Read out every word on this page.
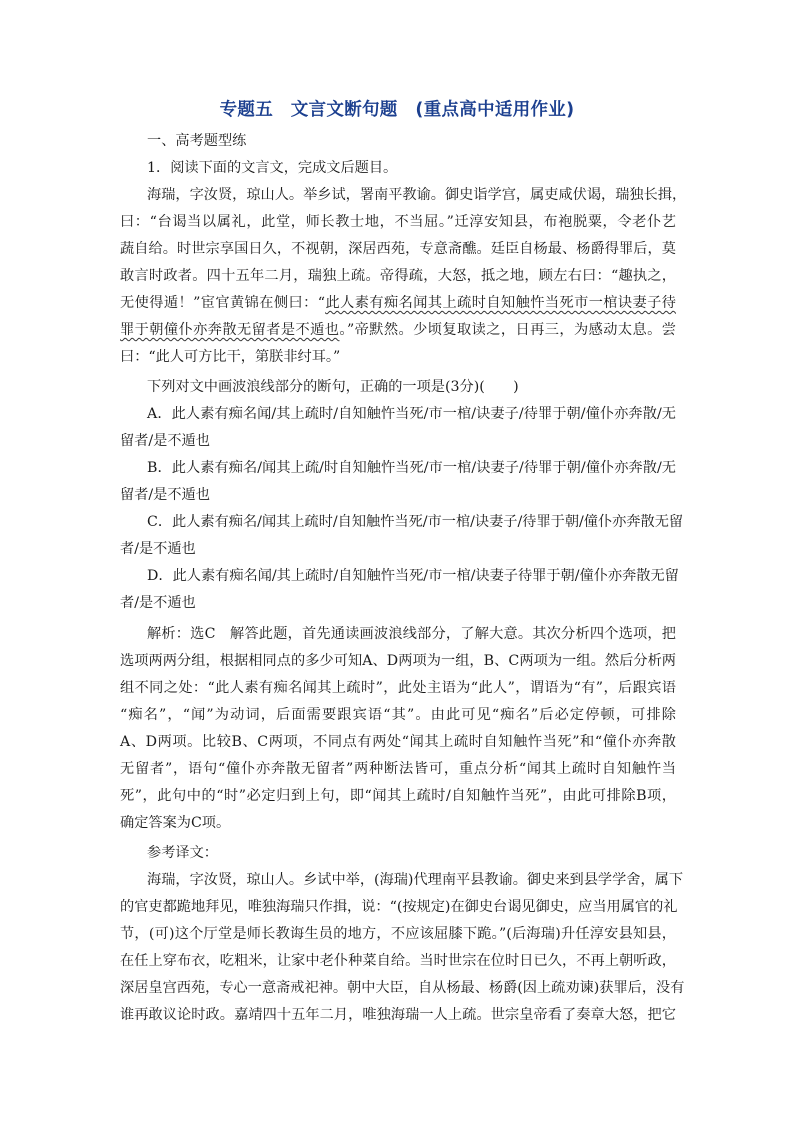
专题五　文言文断句题　(重点高中适用作业)
一、高考题型练
1．阅读下面的文言文，完成文后题目。
海瑞，字汝贤，琼山人。举乡试，署南平教谕。御史诣学宫，属吏咸伏谒，瑞独长揖，
曰：“台谒当以属礼，此堂，师长教士地，不当屈。”迁淳安知县，布袍脱粟，令老仆艺
蔬自给。时世宗享国日久，不视朝，深居西苑，专意斋醮。廷臣自杨最、杨爵得罪后，莫
敢言时政者。四十五年二月，瑞独上疏。帝得疏，大怒，抵之地，顾左右曰：“趣执之，
无使得遁！”宦官黄锦在侧曰：“此人素有痴名闻其上疏时自知触忤当死市一棺诀妻子待
罪于朝僮仆亦奔散无留者是不遁也。”帝默然。少顷复取读之，日再三，为感动太息。尝
曰：“此人可方比干，第朕非纣耳。”
下列对文中画波浪线部分的断句，正确的一项是(3分)(　　)
A．此人素有痴名闻/其上疏时/自知触忤当死/市一棺/诀妻子/待罪于朝/僮仆亦奔散/无
留者/是不遁也
B．此人素有痴名/闻其上疏/时自知触忤当死/市一棺/诀妻子/待罪于朝/僮仆亦奔散/无
留者/是不遁也
C．此人素有痴名/闻其上疏时/自知触忤当死/市一棺/诀妻子/待罪于朝/僮仆亦奔散无留
者/是不遁也
D．此人素有痴名闻/其上疏时/自知触忤当死/市一棺/诀妻子待罪于朝/僮仆亦奔散无留
者/是不遁也
解析：选C　解答此题，首先通读画波浪线部分，了解大意。其次分析四个选项，把
选项两两分组，根据相同点的多少可知A、D两项为一组，B、C两项为一组。然后分析两
组不同之处：“此人素有痴名闻其上疏时”，此处主语为“此人”，谓语为“有”，后跟宾语
“痴名”，“闻”为动词，后面需要跟宾语“其”。由此可见“痴名”后必定停顿，可排除
A、D两项。比较B、C两项，不同点有两处“闻其上疏时自知触忤当死”和“僮仆亦奔散
无留者”，语句“僮仆亦奔散无留者”两种断法皆可，重点分析“闻其上疏时自知触忤当
死”，此句中的“时”必定归到上句，即“闻其上疏时/自知触忤当死”，由此可排除B项，
确定答案为C项。
参考译文：
海瑞，字汝贤，琼山人。乡试中举，(海瑞)代理南平县教谕。御史来到县学学舍，属下
的官吏都跪地拜见，唯独海瑞只作揖，说：“(按规定)在御史台谒见御史，应当用属官的礼
节，(可)这个厅堂是师长教诲生员的地方，不应该屈膝下跪。”(后海瑞)升任淳安县知县，
在任上穿布衣，吃粗米，让家中老仆种菜自给。当时世宗在位时日已久，不再上朝听政，
深居皇宫西苑，专心一意斋戒祀神。朝中大臣，自从杨最、杨爵(因上疏劝谏)获罪后，没有
谁再敢议论时政。嘉靖四十五年二月，唯独海瑞一人上疏。世宗皇帝看了奏章大怒，把它
